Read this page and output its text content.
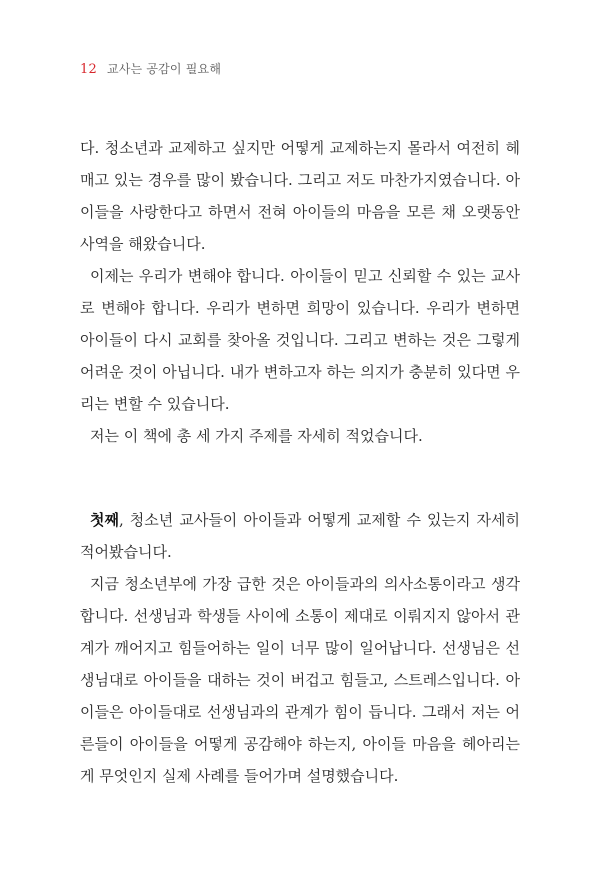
12 교사는 공감이 필요해

다. 청소년과 교제하고 싶지만 어떻게 교제하는지 몰라서 여전히 헤매고 있는 경우를 많이 봤습니다. 그리고 저도 마찬가지였습니다. 아이들을 사랑한다고 하면서 전혀 아이들의 마음을 모른 채 오랫동안 사역을 해왔습니다.

이제는 우리가 변해야 합니다. 아이들이 믿고 신뢰할 수 있는 교사로 변해야 합니다. 우리가 변하면 희망이 있습니다. 우리가 변하면 아이들이 다시 교회를 찾아올 것입니다. 그리고 변하는 것은 그렇게 어려운 것이 아닙니다. 내가 변하고자 하는 의지가 충분히 있다면 우리는 변할 수 있습니다.

저는 이 책에 총 세 가지 주제를 자세히 적었습니다.

첫째, 청소년 교사들이 아이들과 어떻게 교제할 수 있는지 자세히 적어봤습니다.

지금 청소년부에 가장 급한 것은 아이들과의 의사소통이라고 생각합니다. 선생님과 학생들 사이에 소통이 제대로 이뤄지지 않아서 관계가 깨어지고 힘들어하는 일이 너무 많이 일어납니다. 선생님은 선생님대로 아이들을 대하는 것이 버겁고 힘들고, 스트레스입니다. 아이들은 아이들대로 선생님과의 관계가 힘이 듭니다. 그래서 저는 어른들이 아이들을 어떻게 공감해야 하는지, 아이들 마음을 헤아리는 게 무엇인지 실제 사례를 들어가며 설명했습니다.
